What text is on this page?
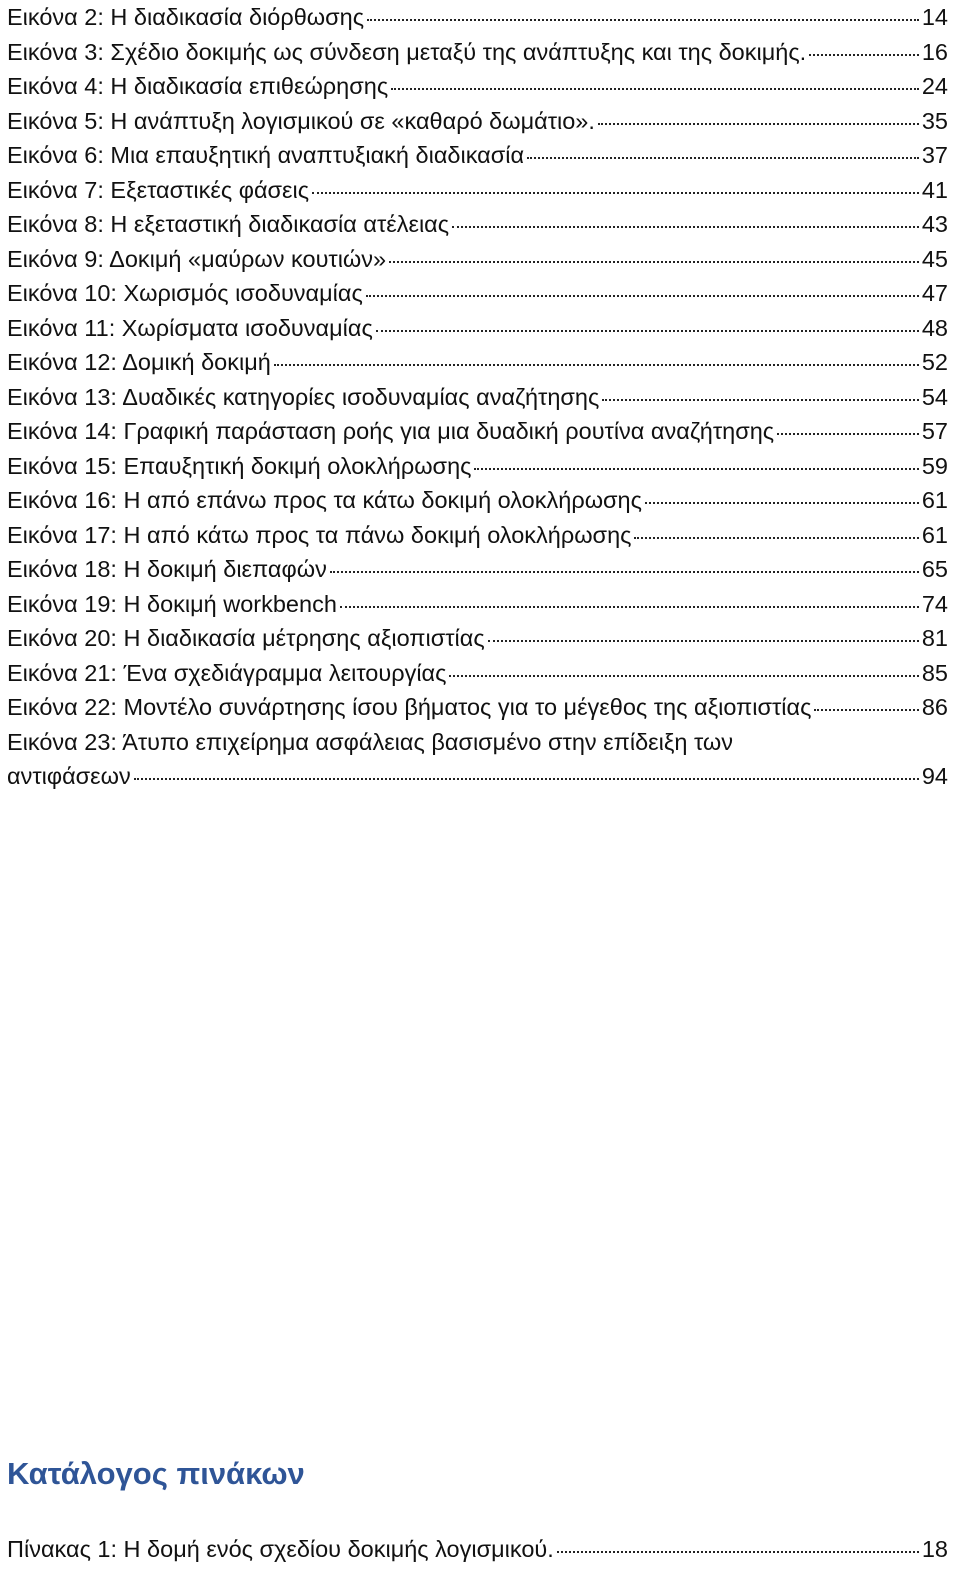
Εικόνα 2: Η διαδικασία διόρθωσης	14
Εικόνα 3: Σχέδιο δοκιμής ως σύνδεση μεταξύ της ανάπτυξης και της δοκιμής.	16
Εικόνα 4: Η διαδικασία επιθεώρησης	24
Εικόνα 5: Η ανάπτυξη λογισμικού σε «καθαρό δωμάτιο».	35
Εικόνα 6: Μια επαυξητική αναπτυξιακή διαδικασία	37
Εικόνα 7: Εξεταστικές φάσεις	41
Εικόνα 8: Η εξεταστική διαδικασία ατέλειας	43
Εικόνα 9: Δοκιμή «μαύρων κουτιών»	45
Εικόνα 10: Χωρισμός ισοδυναμίας	47
Εικόνα 11: Χωρίσματα ισοδυναμίας	48
Εικόνα 12: Δομική δοκιμή	52
Εικόνα 13: Δυαδικές κατηγορίες ισοδυναμίας αναζήτησης	54
Εικόνα 14: Γραφική παράσταση ροής για μια δυαδική ρουτίνα αναζήτησης	57
Εικόνα 15: Επαυξητική δοκιμή ολοκλήρωσης	59
Εικόνα 16: Η από επάνω προς τα κάτω δοκιμή ολοκλήρωσης	61
Εικόνα 17: Η από κάτω προς τα πάνω δοκιμή ολοκλήρωσης	61
Εικόνα 18: Η δοκιμή διεπαφών	65
Εικόνα 19: Η δοκιμή workbench	74
Εικόνα 20: Η διαδικασία μέτρησης αξιοπιστίας	81
Εικόνα 21: Ένα σχεδιάγραμμα λειτουργίας	85
Εικόνα 22: Μοντέλο συνάρτησης ίσου βήματος για το μέγεθος της αξιοπιστίας	86
Εικόνα 23: Άτυπο επιχείρημα ασφάλειας βασισμένο στην επίδειξη των
αντιφάσεων	94
Κατάλογος πινάκων
Πίνακας 1: Η δομή ενός σχεδίου δοκιμής λογισμικού.	18
